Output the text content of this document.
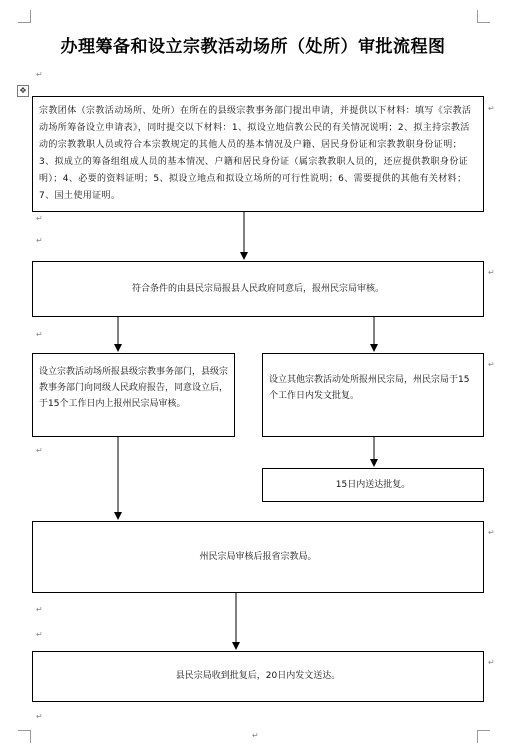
办理筹备和设立宗教活动场所（处所）审批流程图
✥
↵
↵
↵
↵
↵
↵
↵
↵
↵
↵
↵
↵
↵
↵
宗教团体（宗教活动场所、处所）在所在的县级宗教事务部门提出申请，并提供以下材料：填写《宗教活动场所筹备设立申请表》，同时提交以下材料：1、拟设立地信教公民的有关情况说明；2、拟主持宗教活动的宗教教职人员或符合本宗教规定的其他人员的基本情况及户籍、居民身份证和宗教教职身份证明；3、拟成立的筹备组组成人员的基本情况、户籍和居民身份证（属宗教教职人员的，还应提供教职身份证明）；4、必要的资料证明；5、拟设立地点和拟设立场所的可行性说明；6、需要提供的其他有关材料；7、国土使用证明。
符合条件的由县民宗局报县人民政府同意后，报州民宗局审核。
设立宗教活动场所报县级宗教事务部门，县级宗教事务部门向同级人民政府报告，同意设立后，于15个工作日内上报州民宗局审核。
设立其他宗教活动处所报州民宗局，州民宗局于15个工作日内发文批复。
15日内送达批复。
州民宗局审核后报省宗教局。
县民宗局收到批复后，20日内发文送达。
